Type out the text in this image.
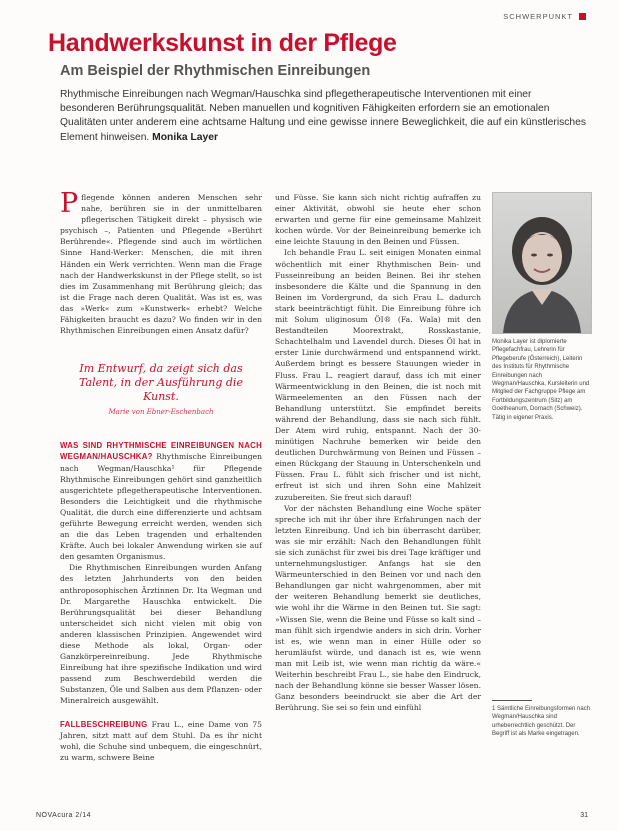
SCHWERPUNKT
Handwerkskunst in der Pflege
Am Beispiel der Rhythmischen Einreibungen
Rhythmische Einreibungen nach Wegman/Hauschka sind pflegetherapeutische Interventionen mit einer besonderen Berührungsqualität. Neben manuellen und kognitiven Fähigkeiten erfordern sie an emotionalen Qualitäten unter anderem eine achtsame Haltung und eine gewisse innere Beweglichkeit, die auf ein künstlerisches Element hinweisen. Monika Layer

Pflegende können anderen Menschen sehr nahe, berühren sie in der unmittelbaren pflegerischen Tätigkeit direkt – physisch wie psychisch –, Patienten und Pflegende »Berührt Berührende«. Pflegende sind auch im wörtlichen Sinne Hand-Werker: Menschen, die mit ihren Händen ein Werk verrichten. Wenn man die Frage nach der Handwerkskunst in der Pflege stellt, so ist dies im Zusammenhang mit Berührung gleich; das ist die Frage nach deren Qualität. Was ist es, was das »Werk« zum »Kunstwerk« erhebt? Welche Fähigkeiten braucht es dazu? Wo finden wir in den Rhythmischen Einreibungen einen Ansatz dafür?

Im Entwurf, da zeigt sich das Talent, in der Ausführung die Kunst.
Marie von Ebner-Eschenbach

WAS SIND RHYTHMISCHE EINREIBUNGEN NACH WEGMAN/HAUSCHKA? Rhythmische Einreibungen nach Wegman/Hauschka¹ für Pflegende Rhythmische Einreibungen gehört sind ganzheitlich ausgerichtete pflegetherapeutische Interventionen. Besonders die Leichtigkeit und die rhythmische Qualität, die durch eine differenzierte und achtsam geführte Bewegung erreicht werden, wenden sich an die das Leben tragenden und erhaltenden Kräfte. Auch bei lokaler Anwendung wirken sie auf den gesamten Organismus.

Die Rhythmischen Einreibungen wurden Anfang des letzten Jahrhunderts von den beiden anthroposophischen Ärztinnen Dr. Ita Wegman und Dr. Margarethe Hauschka entwickelt. Die Berührungsqualität bei dieser Behandlung unterscheidet sich nicht vielen mit obig von anderen klassischen Prinzipien. Angewendet wird diese Methode als lokal, Organ- oder Ganzkörpereinreibung. Jede Rhythmische Einreibung hat ihre spezifische Indikation und wird passend zum Beschwerdebild werden die Substanzen, Öle und Salben aus dem Pflanzen- oder Mineralreich ausgewählt.

FALLBESCHREIBUNG Frau L., eine Dame von 75 Jahren, sitzt matt auf dem Stuhl. Da es ihr nicht wohl, die Schuhe sind unbequem, die eingeschnürt, zu warm, schwere Beine

und Füsse. Sie kann sich nicht richtig aufraffen zu einer Aktivität, obwohl sie heute eher schon erwarten und gerne für eine gemeinsame Mahlzeit kochen würde. Vor der Beineinreibung bemerke ich eine leichte Stauung in den Beinen und Füssen.

Ich behandle Frau L. seit einigen Monaten einmal wöchentlich mit einer Rhythmischen Bein- und Fusseinreibung an beiden Beinen. Bei ihr stehen insbesondere die Kälte und die Spannung in den Beinen im Vordergrund, da sich Frau L. dadurch stark beeinträchtigt fühlt. Die Einreibung führe ich mit Solum uliginosum ÖI® (Fa. Wala) mit den Bestandteilen Moorextrakt, Rosskastanie, Schachtelhalm und Lavendel durch. Dieses Öl hat in erster Linie durchwärmend und entspannend wirkt. Außerdem bringt es bessere Stauungen wieder in Fluss. Frau L. reagiert darauf, dass ich mit einer Wärmeentwicklung in den Beinen, die ist noch mit Wärmeelementen an den Füssen nach der Behandlung unterstützt. Sie empfindet bereits während der Behandlung, dass sie nach sich fühlt. Der Atem wird ruhig, entspannt. Nach der 30-minütigen Nachruhe bemerken wir beide den deutlichen Durchwärmung von Beinen und Füssen – einen Rückgang der Stauung in Unterschenkeln und Füssen. Frau L. fühlt sich frischer und ist nicht, erfreut ist sich und ihren Sohn eine Mahlzeit zuzubereiten. Sie freut sich darauf!

Vor der nächsten Behandlung eine Woche später spreche ich mit ihr über ihre Erfahrungen nach der letzten Einreibung. Und ich bin überrascht darüber, was sie mir erzählt: Nach den Behandlungen fühlt sie sich zunächst für zwei bis drei Tage kräftiger und unternehmungslustiger. Anfangs hat sie den Wärmeunterschied in den Beinen vor und nach den Behandlungen gar nicht wahrgenommen, aber mit der weiteren Behandlung bemerkt sie deutliches, wie wohl ihr die Wärme in den Beinen tut. Sie sagt: »Wissen Sie, wenn die Beine und Füsse so kalt sind – man fühlt sich irgendwie anders in sich drin. Vorher ist es, wie wenn man in einer Hülle oder so herumläufst würde, und danach ist es, wie wenn man mit Leib ist, wie wenn man richtig da wäre.« Weiterhin beschreibt Frau L., sie habe den Eindruck, nach der Behandlung könne sie besser Wasser lösen. Ganz besonders beeindruckt sie aber die Art der Berührung. Sie sei so fein und einfühl

Monika Layer ist diplomierte Pflegefachfrau, Lehrerin für Pflegeberufe (Österreich), Leiterin des Instituts für Rhythmische Einreibungen nach Wegman/Hauschka, Kursleiterin und Mitglied der Fachgruppe Pflege am Fortbildungszentrum (Sitz) am Goetheanum, Dornach (Schweiz). Tätig in eigener Praxis.
1 Sämtliche Einreibungsformen nach Wegman/Hauschka sind urheberrechtlich geschützt. Der Begriff ist als Marke eingetragen.
NOVAcura 2/14	31
